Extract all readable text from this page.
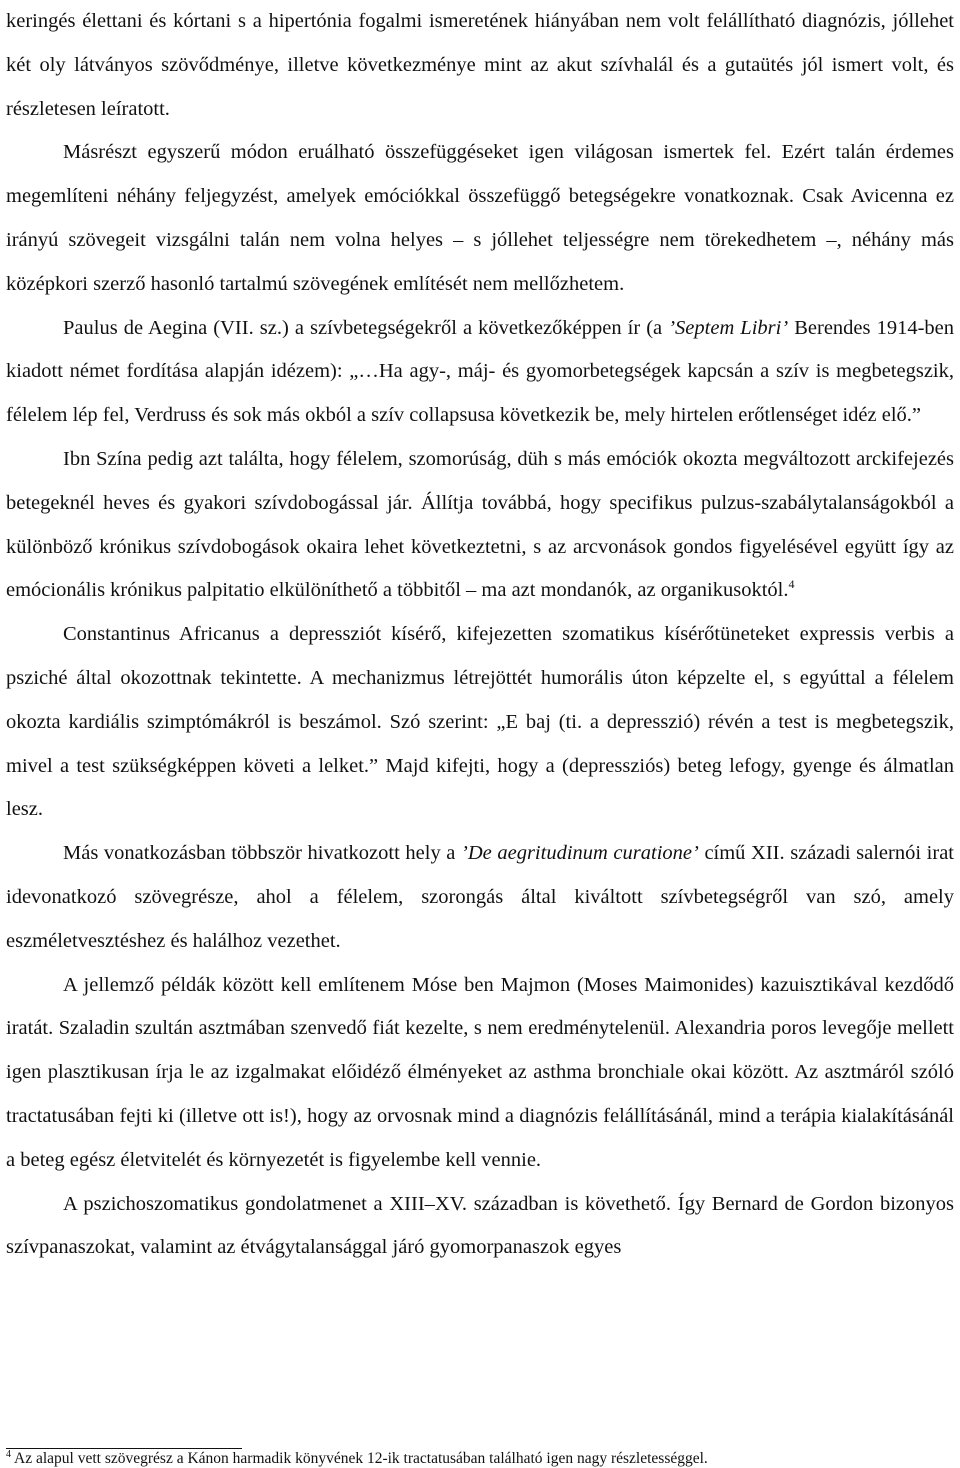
keringés élettani és kórtani s a hipertónia fogalmi ismeretének hiányában nem volt felállítható diagnózis, jóllehet két oly látványos szövődménye, illetve következménye mint az akut szívhalál és a gutaütés jól ismert volt, és részletesen leíratott.

Másrészt egyszerű módon eruálható összefüggéseket igen világosan ismertek fel. Ezért talán érdemes megemlíteni néhány feljegyzést, amelyek emóciókkal összefüggő betegségekre vonatkoznak. Csak Avicenna ez irányú szövegeit vizsgálni talán nem volna helyes – s jóllehet teljességre nem törekedhetem –, néhány más középkori szerző hasonló tartalmú szövegének említését nem mellőzhetem.

Paulus de Aegina (VII. sz.) a szívbetegségekről a következőképpen ír (a ’Septem Libri’ Berendes 1914-ben kiadott német fordítása alapján idézem): „…Ha agy-, máj- és gyomorbetegségek kapcsán a szív is megbetegszik, félelem lép fel, Verdruss és sok más okból a szív collapsusa következik be, mely hirtelen erőtlenséget idéz elő.”

Ibn Szína pedig azt találta, hogy félelem, szomorúság, düh s más emóciók okozta megváltozott arckifejezés betegeknél heves és gyakori szívdobogással jár. Állítja továbbá, hogy specifikus pulzus-szabálytalanságokból a különböző krónikus szívdobogások okaira lehet következtetni, s az arcvonások gondos figyelésével együtt így az emócionális krónikus palpitatio elkülöníthető a többitől – ma azt mondanók, az organikusoktól.$^4$

Constantinus Africanus a depressziót kísérő, kifejezetten szomatikus kísérőtüneteket expressis verbis a psziché által okozottnak tekintette. A mechanizmus létrejöttét humorális úton képzelte el, s egyúttal a félelem okozta kardiális szimptómákról is beszámol. Szó szerint: „E baj (ti. a depresszió) révén a test is megbetegszik, mivel a test szükségképpen követi a lelket.” Majd kifejti, hogy a (depressziós) beteg lefogy, gyenge és álmatlan lesz.

Más vonatkozásban többször hivatkozott hely a ’De aegritudinum curatione’ című XII. századi salernói irat idevonatkozó szövegrésze, ahol a félelem, szorongás által kiváltott szívbetegségről van szó, amely eszméletvesztéshez és halálhoz vezethet.

A jellemző példák között kell említenem Móse ben Majmon (Moses Maimonides) kazuisztikával kezdődő iratát. Szaladin szultán asztmában szenvedő fiát kezelte, s nem eredménytelenül. Alexandria poros levegője mellett igen plasztikusan írja le az izgalmakat előidéző élményeket az asthma bronchiale okai között. Az asztmáról szóló tractatusában fejti ki (illetve ott is!), hogy az orvosnak mind a diagnózis felállításánál, mind a terápia kialakításánál a beteg egész életvitelét és környezetét is figyelembe kell vennie.

A pszichoszomatikus gondolatmenet a XIII–XV. században is követhető. Így Bernard de Gordon bizonyos szívpanaszokat, valamint az étvágytalansággal járó gyomorpanaszok egyes

$^4$ Az alapul vett szövegrész a Kánon harmadik könyvének 12-ik tractatusában található igen nagy részletességgel.
